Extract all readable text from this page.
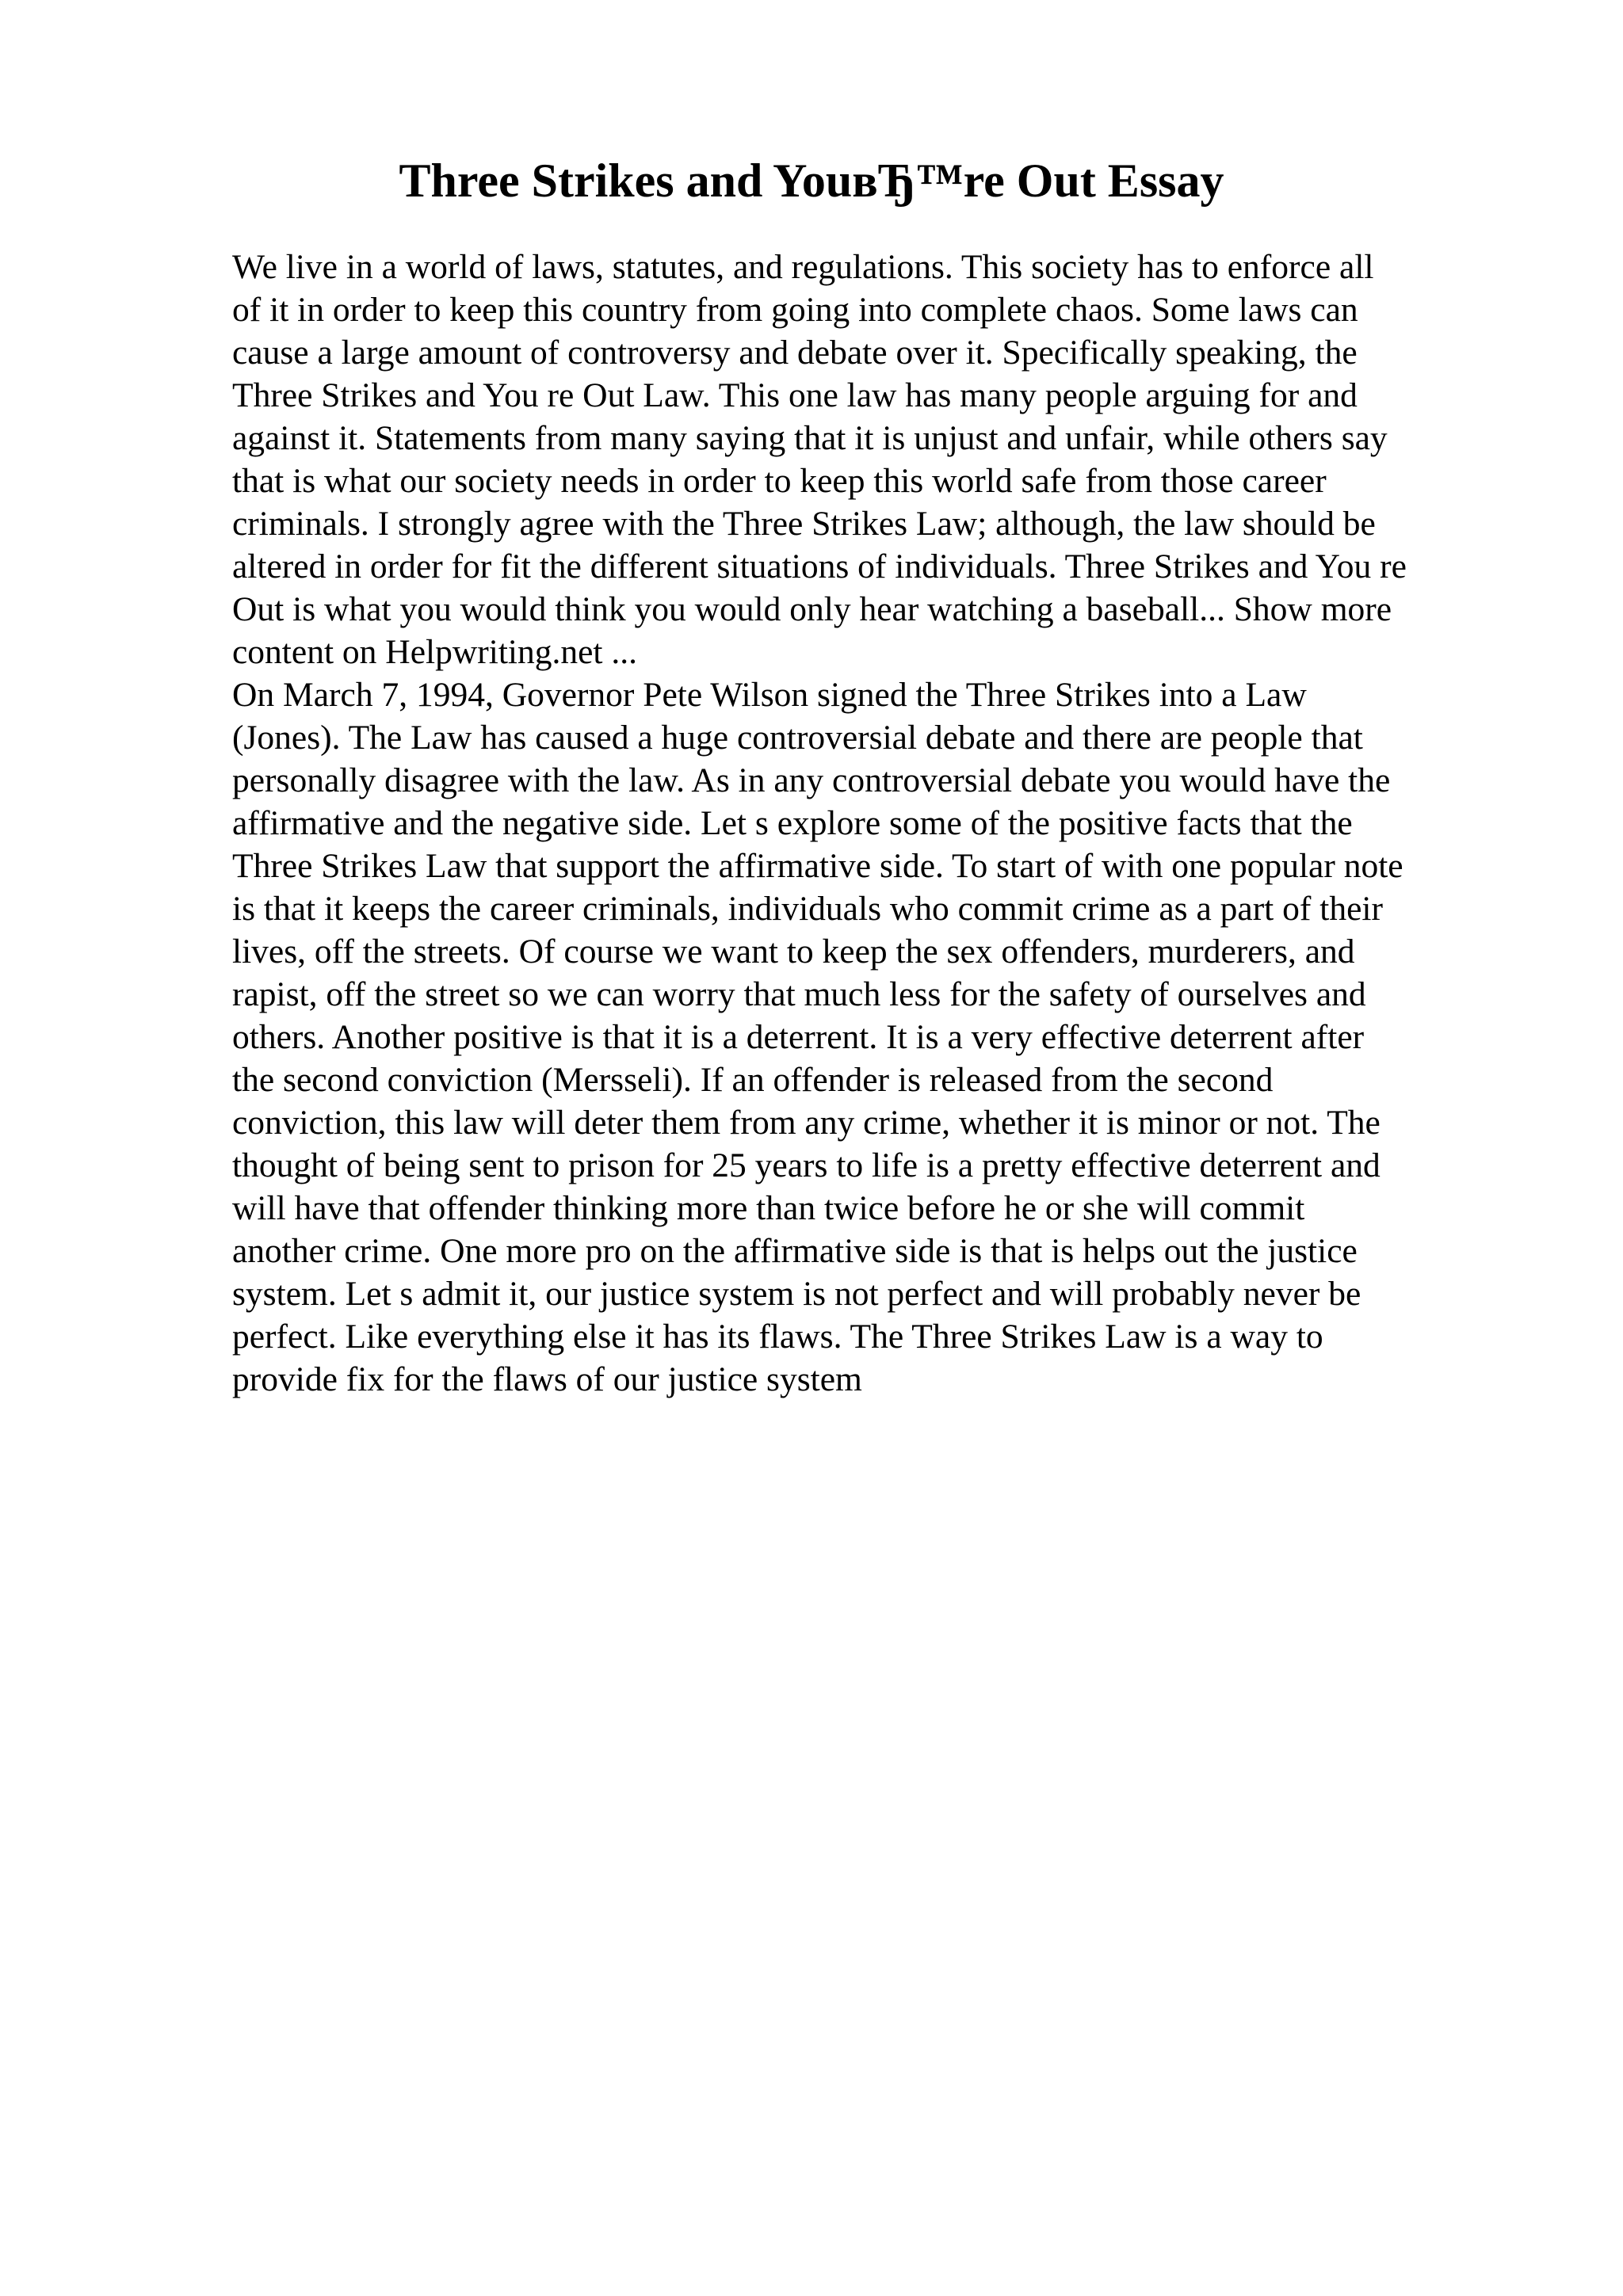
Three Strikes and YouвЂ™re Out Essay
We live in a world of laws, statutes, and regulations. This society has to enforce all
of it in order to keep this country from going into complete chaos. Some laws can
cause a large amount of controversy and debate over it. Specifically speaking, the
Three Strikes and You re Out Law. This one law has many people arguing for and
against it. Statements from many saying that it is unjust and unfair, while others say
that is what our society needs in order to keep this world safe from those career
criminals. I strongly agree with the Three Strikes Law; although, the law should be
altered in order for fit the different situations of individuals. Three Strikes and You re
Out is what you would think you would only hear watching a baseball... Show more
content on Helpwriting.net ...
On March 7, 1994, Governor Pete Wilson signed the Three Strikes into a Law
(Jones). The Law has caused a huge controversial debate and there are people that
personally disagree with the law. As in any controversial debate you would have the
affirmative and the negative side. Let s explore some of the positive facts that the
Three Strikes Law that support the affirmative side. To start of with one popular note
is that it keeps the career criminals, individuals who commit crime as a part of their
lives, off the streets. Of course we want to keep the sex offenders, murderers, and
rapist, off the street so we can worry that much less for the safety of ourselves and
others. Another positive is that it is a deterrent. It is a very effective deterrent after
the second conviction (Mersseli). If an offender is released from the second
conviction, this law will deter them from any crime, whether it is minor or not. The
thought of being sent to prison for 25 years to life is a pretty effective deterrent and
will have that offender thinking more than twice before he or she will commit
another crime. One more pro on the affirmative side is that is helps out the justice
system. Let s admit it, our justice system is not perfect and will probably never be
perfect. Like everything else it has its flaws. The Three Strikes Law is a way to
provide fix for the flaws of our justice system
